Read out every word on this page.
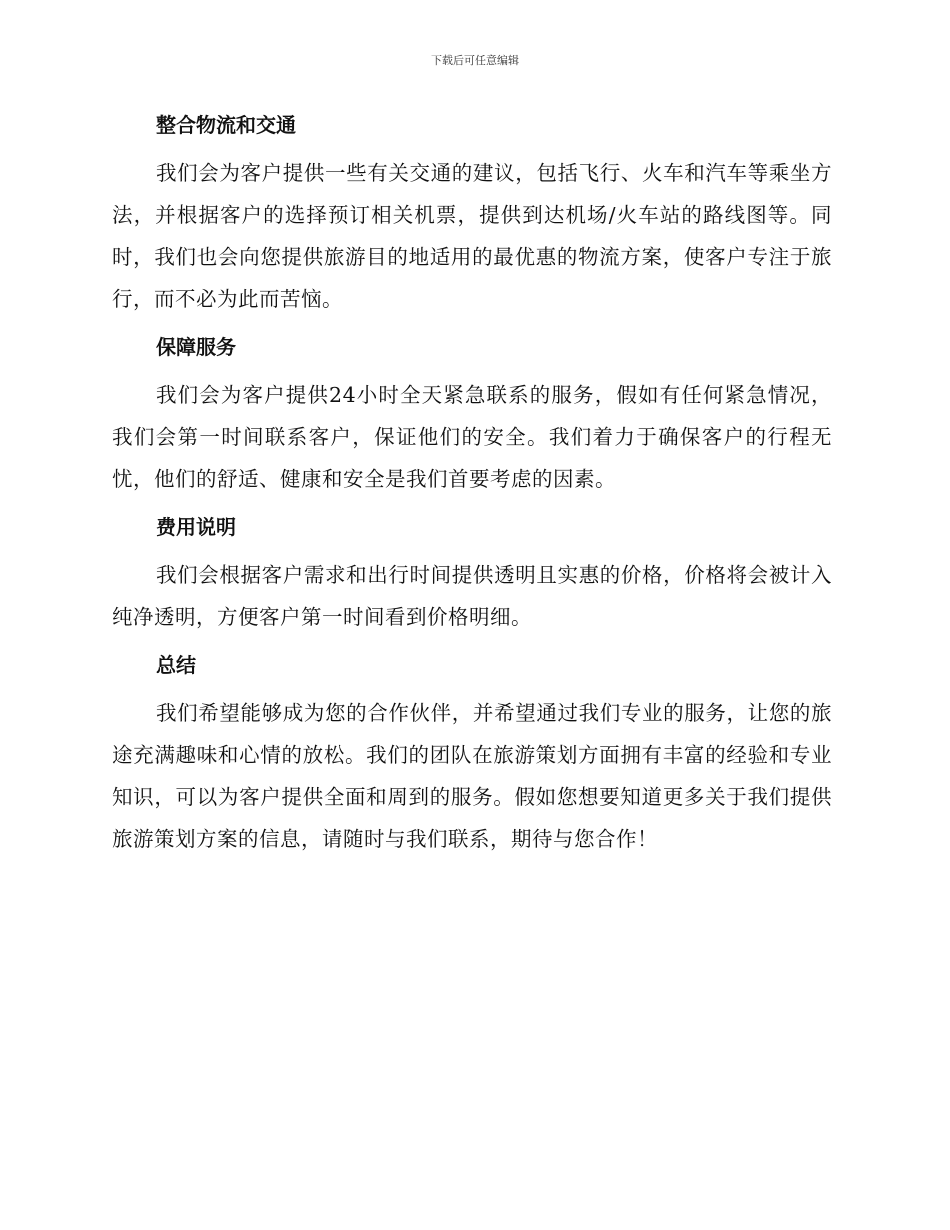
下载后可任意编辑
整合物流和交通

我们会为客户提供一些有关交通的建议，包括飞行、火车和汽车等乘坐方法，并根据客户的选择预订相关机票，提供到达机场/火车站的路线图等。同时，我们也会向您提供旅游目的地适用的最优惠的物流方案，使客户专注于旅行，而不必为此而苦恼。

保障服务

我们会为客户提供24小时全天紧急联系的服务，假如有任何紧急情况，我们会第一时间联系客户，保证他们的安全。我们着力于确保客户的行程无忧，他们的舒适、健康和安全是我们首要考虑的因素。

费用说明

我们会根据客户需求和出行时间提供透明且实惠的价格，价格将会被计入纯净透明，方便客户第一时间看到价格明细。

总结

我们希望能够成为您的合作伙伴，并希望通过我们专业的服务，让您的旅途充满趣味和心情的放松。我们的团队在旅游策划方面拥有丰富的经验和专业知识，可以为客户提供全面和周到的服务。假如您想要知道更多关于我们提供旅游策划方案的信息，请随时与我们联系，期待与您合作！
